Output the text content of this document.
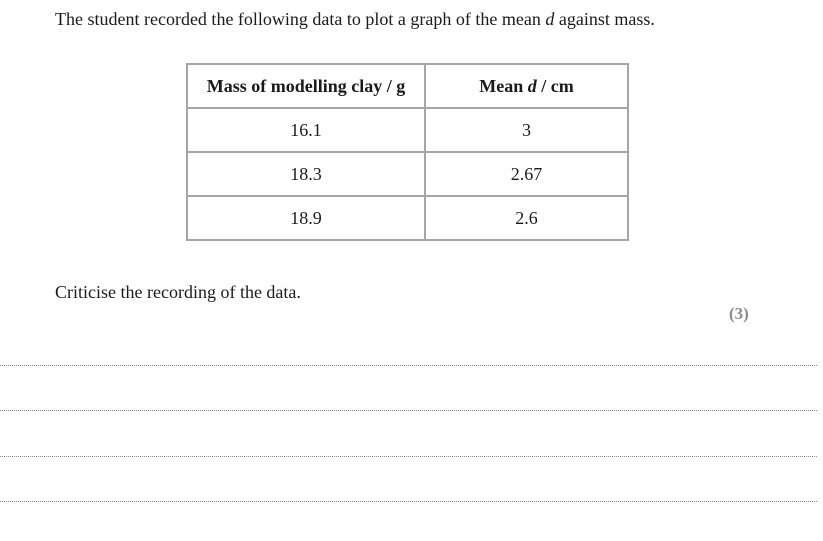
The student recorded the following data to plot a graph of the mean d against mass.
Mass of modelling clay / g	Mean d / cm
16.1	3
18.3	2.67
18.9	2.6
Criticise the recording of the data.
(3)
